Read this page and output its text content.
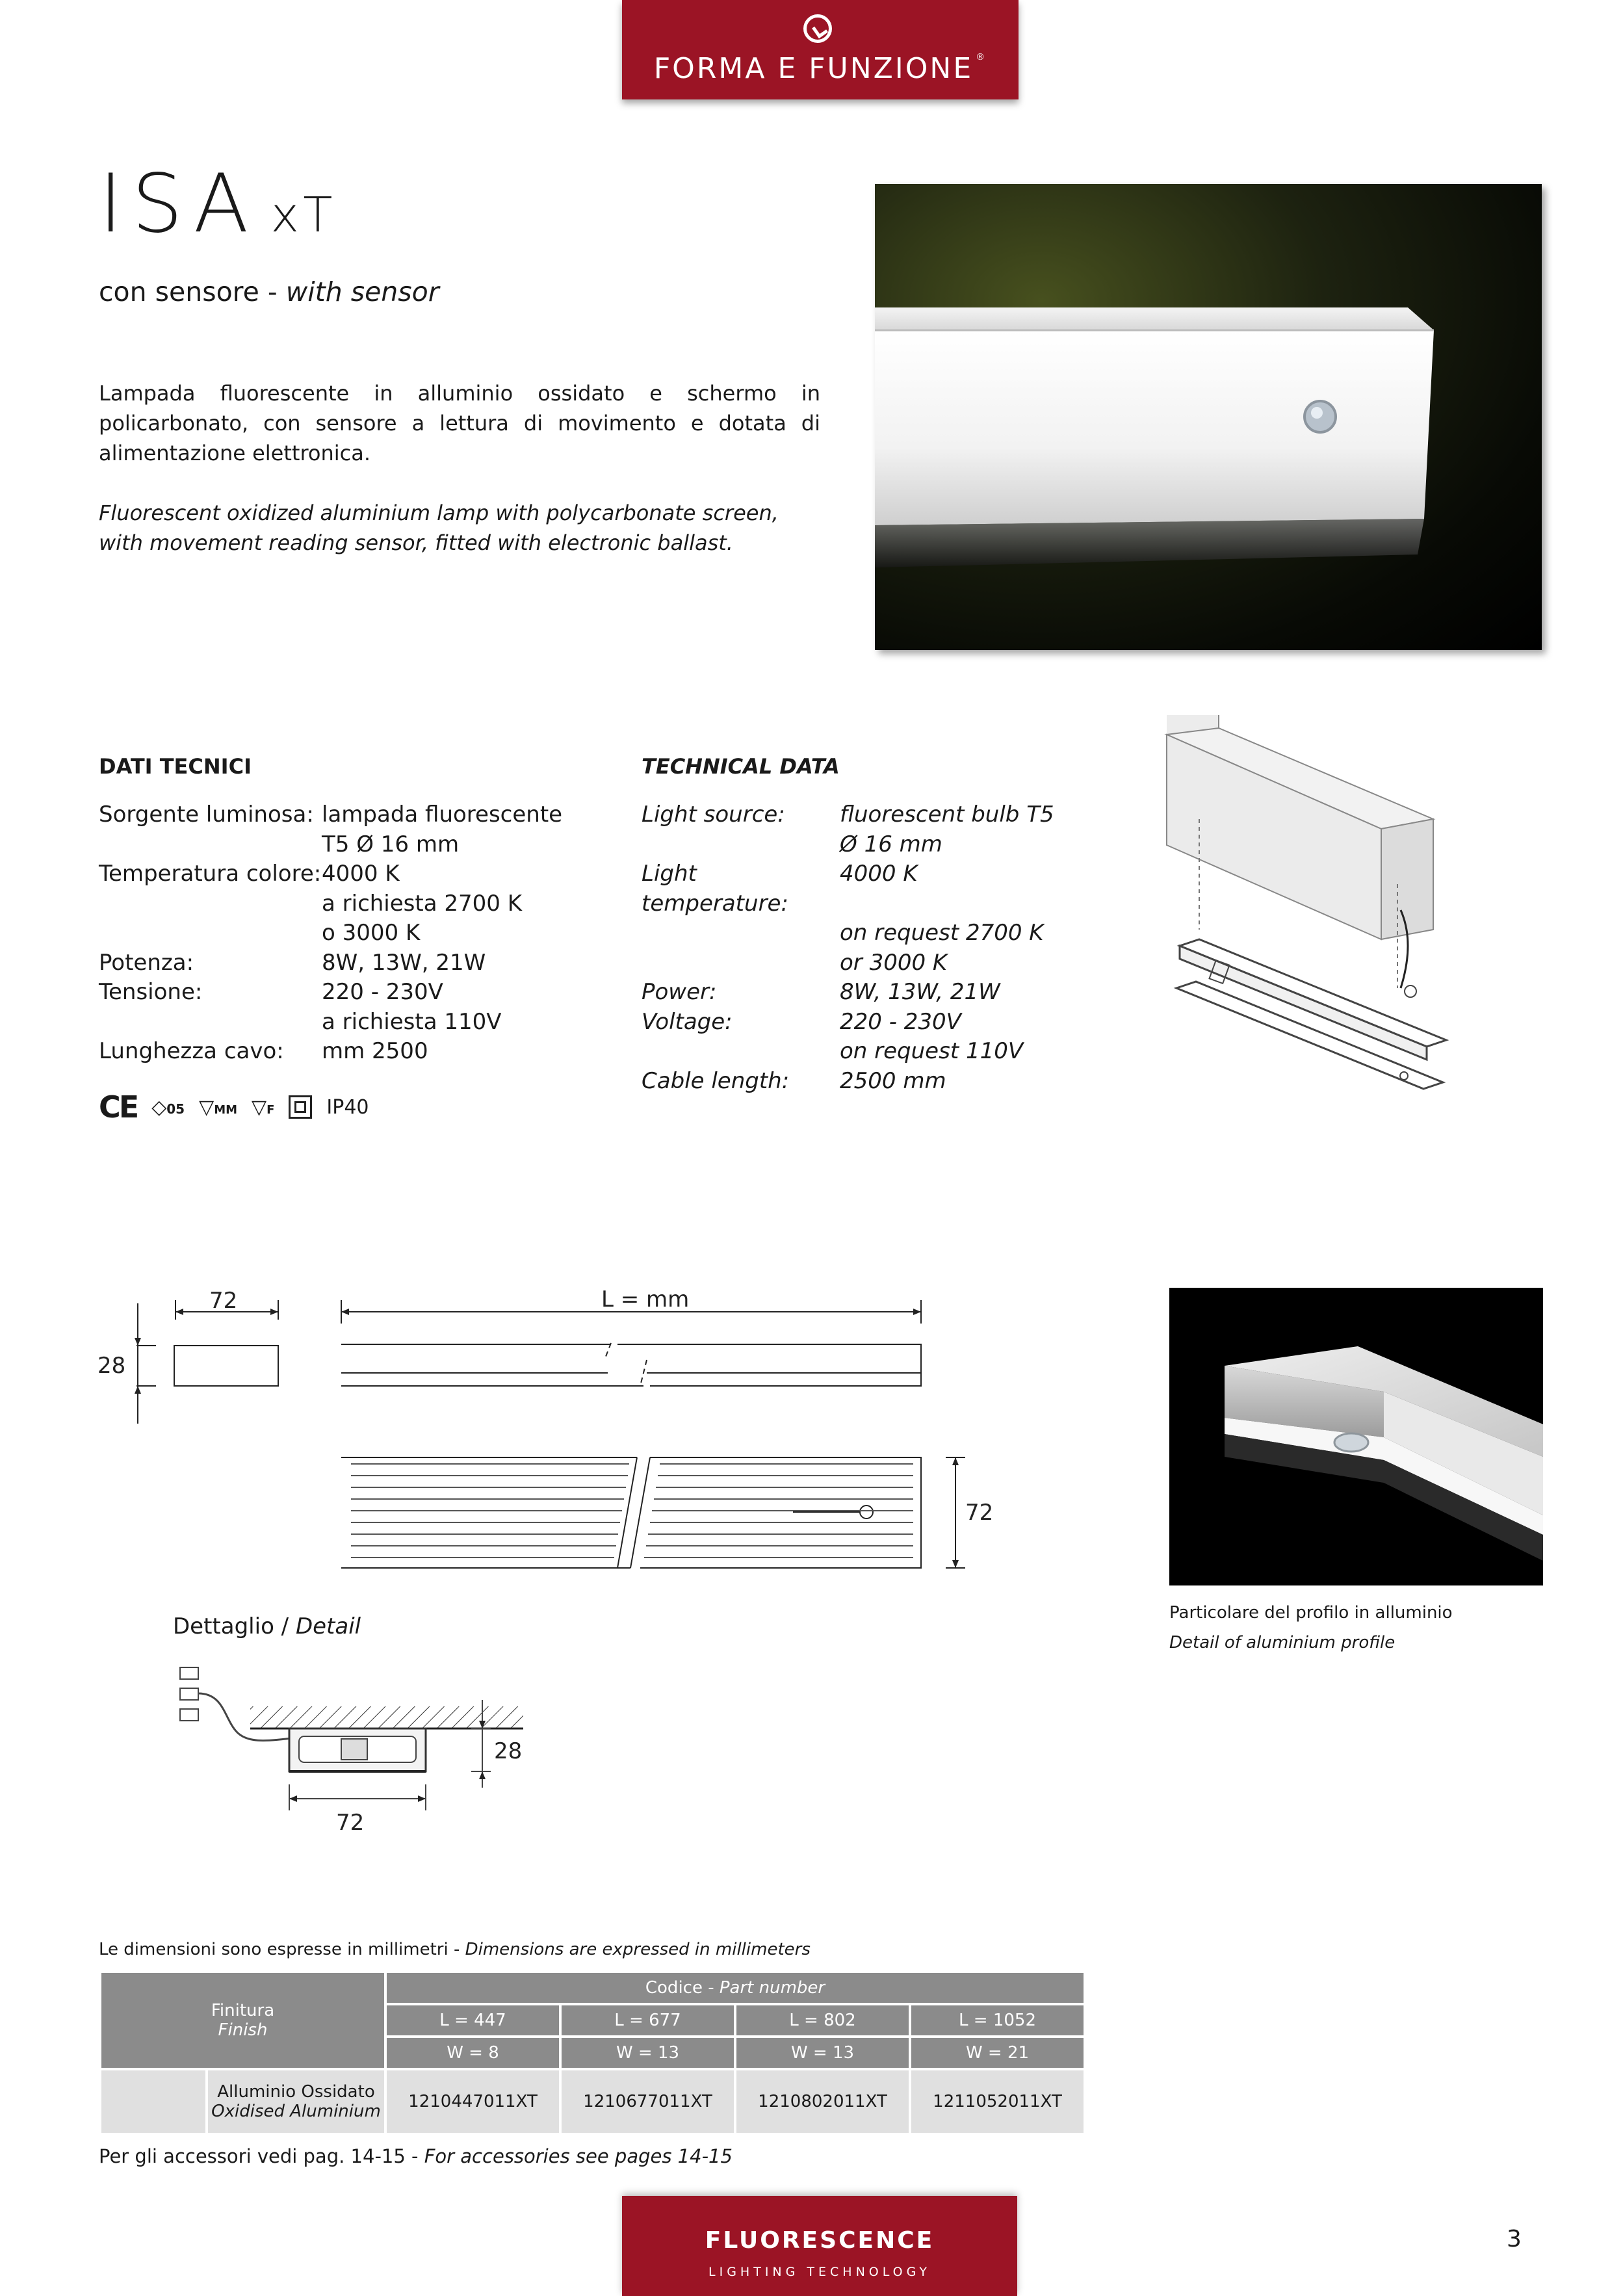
FORMA E FUNZIONE ®
ISA xT
con sensore - with sensor
Lampada fluorescente in alluminio ossidato e schermo in policarbonato, con sensore a lettura di movimento e dotata di alimentazione elettronica.
Fluorescent oxidized aluminium lamp with polycarbonate screen, with movement reading sensor, fitted with electronic ballast.
DATI TECNICI
Sorgente luminosa: lampada fluorescente
T5 Ø 16 mm
Temperatura colore: 4000 K
a richiesta 2700 K
o 3000 K
Potenza:	8W, 13W, 21W
Tensione:	220 - 230V
a richiesta 110V
Lunghezza cavo:	mm 2500
TECHNICAL DATA
Light source:	fluorescent bulb T5
Ø 16 mm
Light temperature:
4000 K
on request 2700 K
or 3000 K
Power:	8W, 13W, 21W
Voltage:	220 - 230V
on request 110V
Cable length:	2500 mm
CE ◇05 ▽MM ▽F	IP40
72
28
L = mm
72
Dettaglio / Detail
28
72
Particolare del profilo in alluminio
Detail of aluminium profile
Le dimensioni sono espresse in millimetri - Dimensions are expressed in millimeters
Finitura
Finish		Codice - Part number			
		L = 447	L = 677	L = 802	L = 1052
		W = 8	W = 13	W = 13	W = 21

	Alluminio Ossidato
Oxidised Aluminium	1210447011XT	1210677011XT	1210802011XT	1211052011XT
Per gli accessori vedi pag. 14-15 - For accessories see pages 14-15
FLUORESCENCE
LIGHTING TECHNOLOGY
3
